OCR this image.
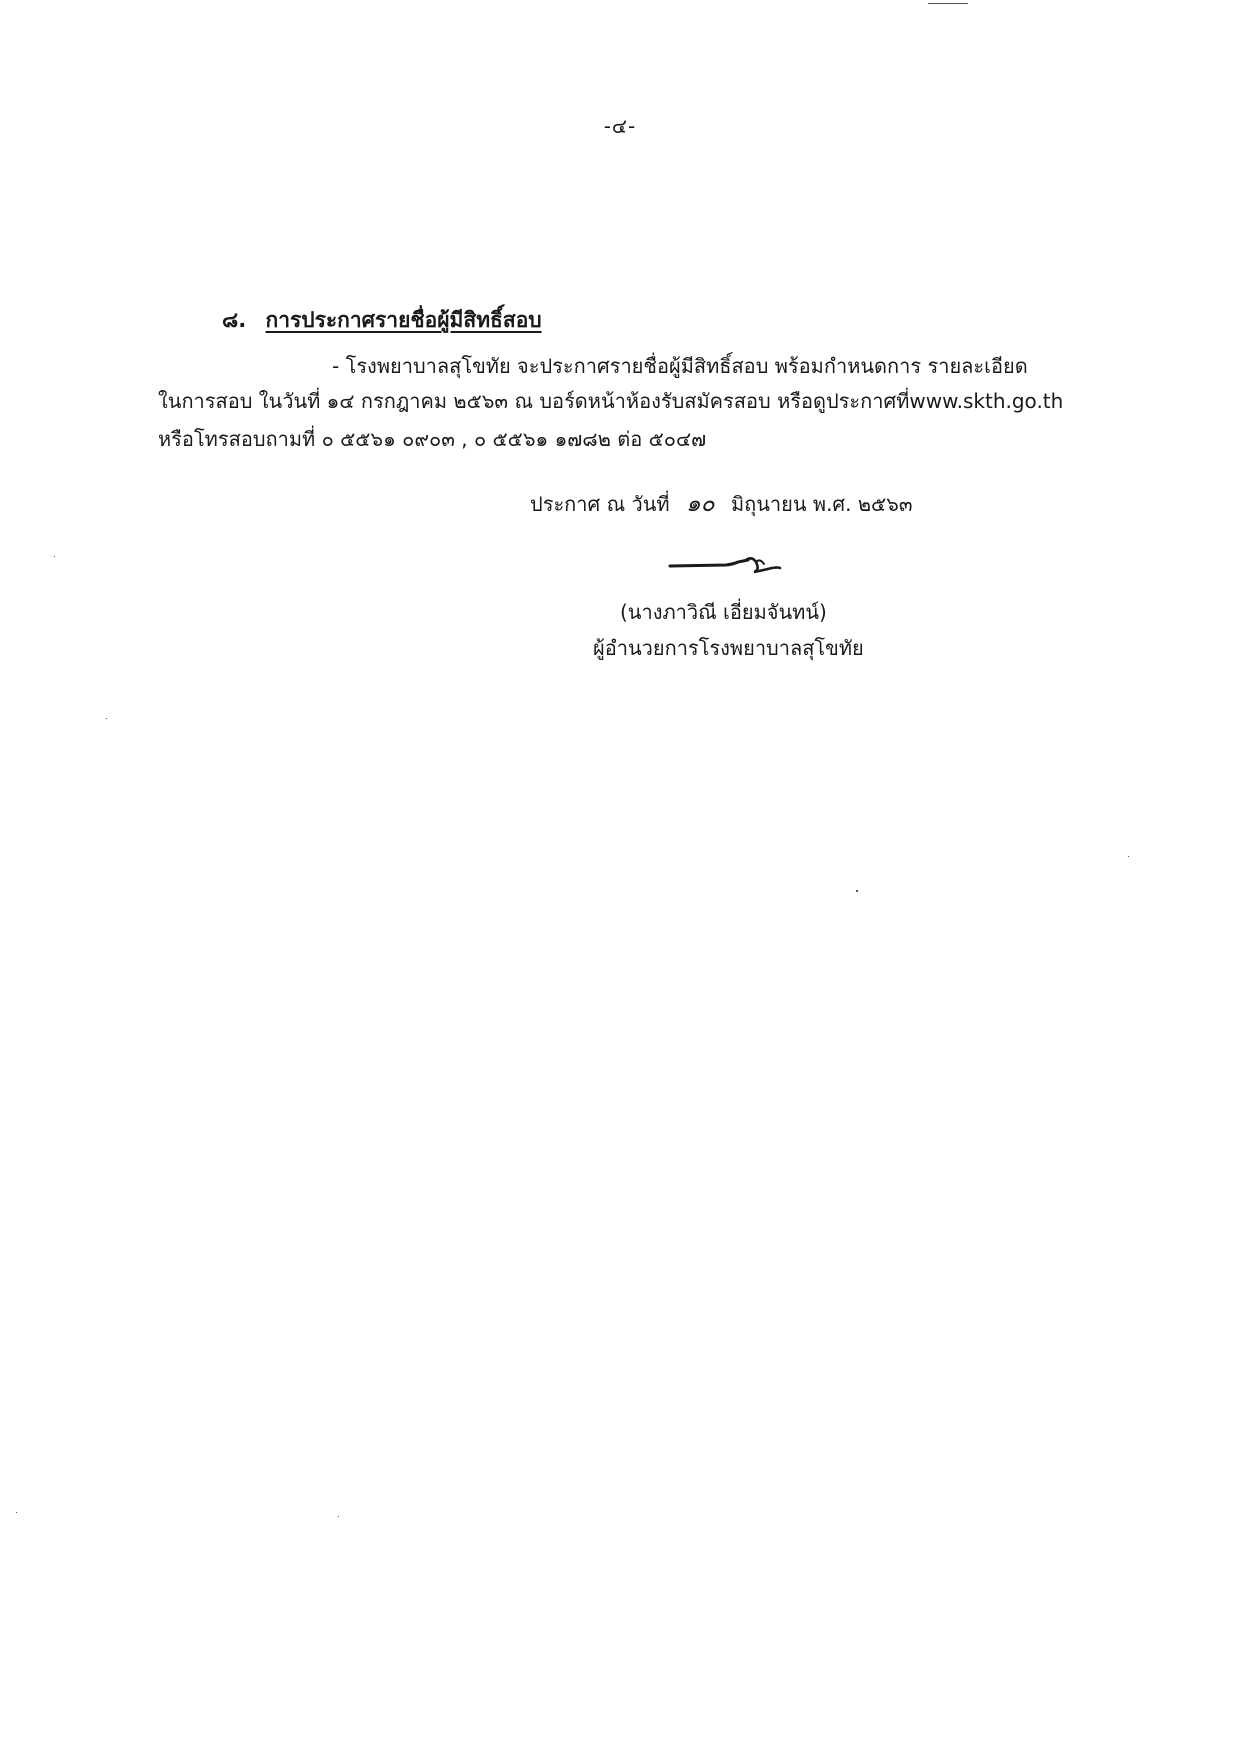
-๔-
๘. การประกาศรายชื่อผู้มีสิทธิ์สอบ
- โรงพยาบาลสุโขทัย จะประกาศรายชื่อผู้มีสิทธิ์สอบ พร้อมกำหนดการ รายละเอียด
ในการสอบ ในวันที่ ๑๔ กรกฎาคม ๒๕๖๓ ณ บอร์ดหน้าห้องรับสมัครสอบ หรือดูประกาศที่www.skth.go.th
หรือโทรสอบถามที่ ๐ ๕๕๖๑ ๐๙๐๓ , ๐ ๕๕๖๑ ๑๗๘๒ ต่อ ๕๐๔๗
ประกาศ ณ วันที่ ๑๐ มิถุนายน พ.ศ. ๒๕๖๓
(นางภาวิณี เอี่ยมจันทน์)
ผู้อำนวยการโรงพยาบาลสุโขทัย
